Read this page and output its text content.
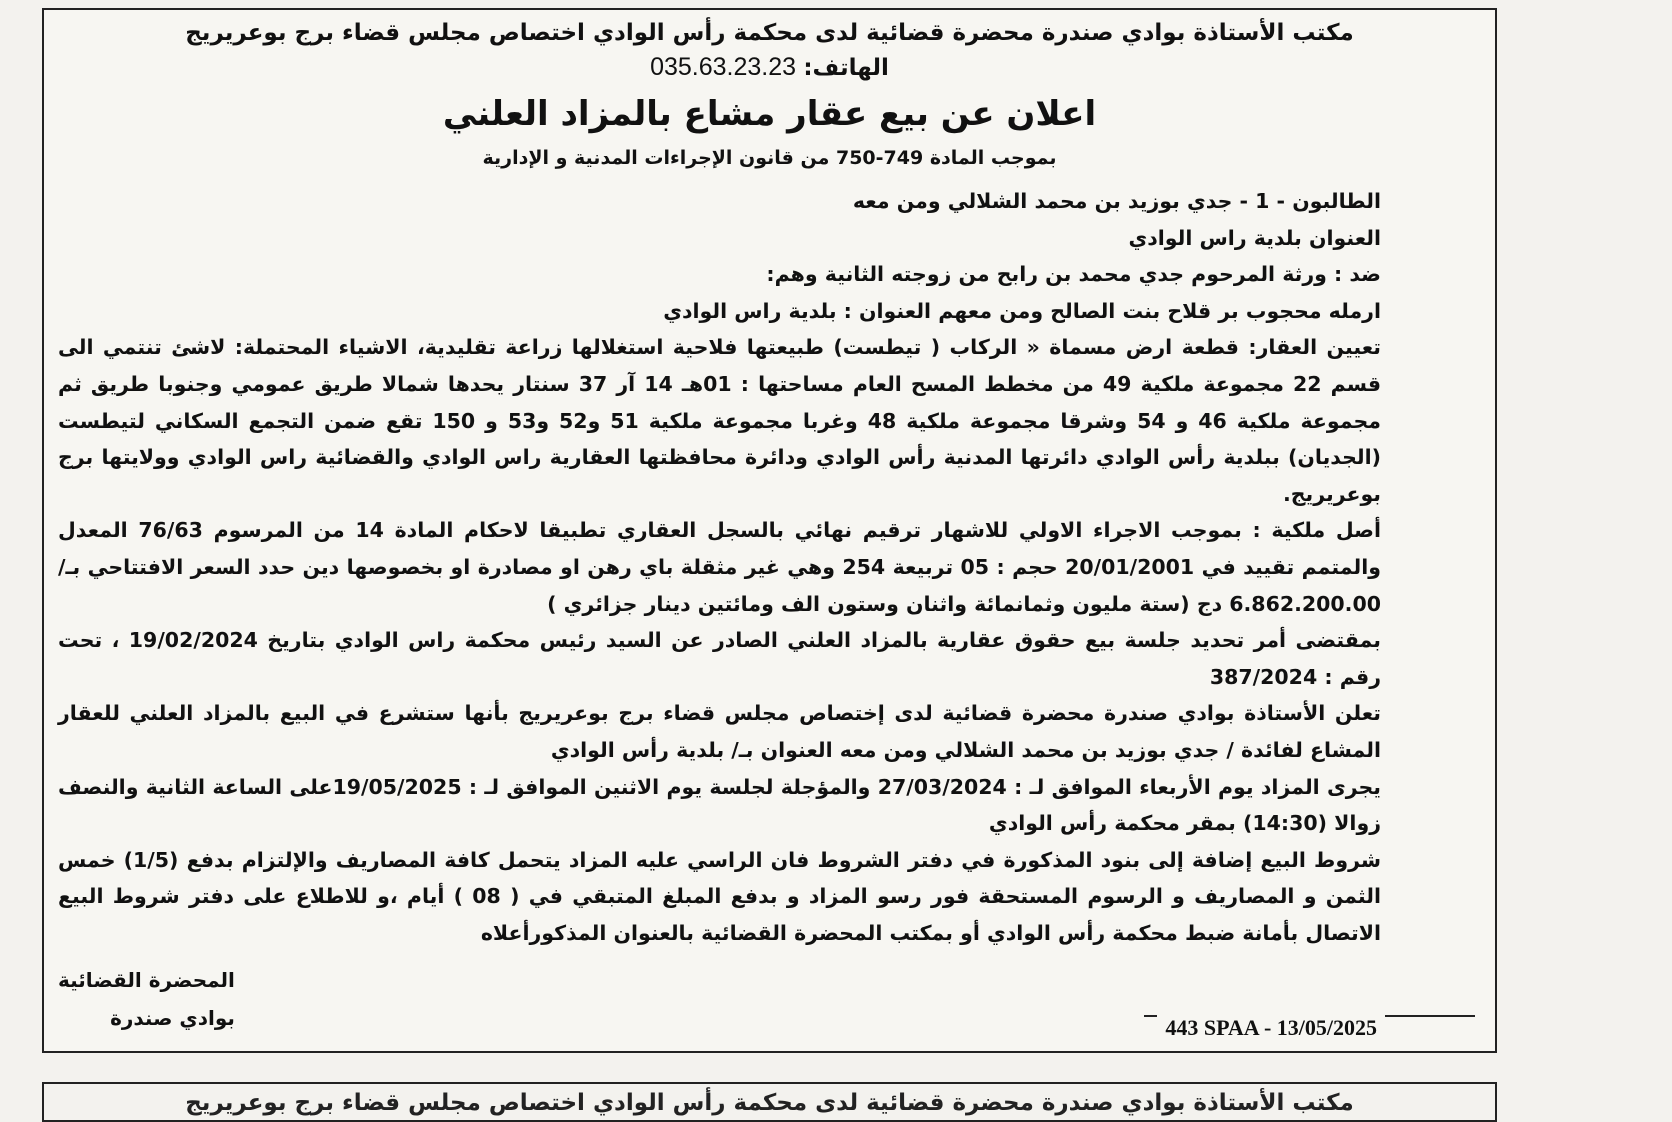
مكتب الأستاذة بوادي صندرة محضرة قضائية لدى محكمة رأس الوادي اختصاص مجلس قضاء برج بوعريريج
الهاتف: 035.63.23.23
اعلان عن بيع عقار مشاع بالمزاد العلني
بموجب المادة 749-750 من قانون الإجراءات المدنية و الإدارية
الطالبون - 1 - جدي بوزيد بن محمد الشلالي ومن معه
العنوان بلدية راس الوادي
ضد : ورثة المرحوم جدي محمد بن رابح من زوجته الثانية وهم:
ارمله محجوب بر قلاح بنت الصالح ومن معهم العنوان : بلدية راس الوادي
تعيين العقار: قطعة ارض مسماة « الركاب ( تيطست) طبيعتها فلاحية استغلالها زراعة تقليدية، الاشياء المحتملة: لاشئ تنتمي الى قسم 22 مجموعة ملكية 49 من مخطط المسح العام مساحتها : 01هـ 14 آر 37 سنتار يحدها شمالا طريق عمومي وجنوبا طريق ثم مجموعة ملكية 46 و 54 وشرقا مجموعة ملكية 48 وغربا مجموعة ملكية 51 و52 و53 و 150 تقع ضمن التجمع السكاني لتيطست (الجديان) ببلدية رأس الوادي دائرتها المدنية رأس الوادي ودائرة محافظتها العقارية راس الوادي والقضائية راس الوادي وولايتها برج بوعريريج.
أصل ملكية : بموجب الاجراء الاولي للاشهار ترقيم نهائي بالسجل العقاري تطبيقا لاحكام المادة 14 من المرسوم 76/63 المعدل والمتمم تقييد في 20/01/2001 حجم : 05 تربيعة 254 وهي غير مثقلة باي رهن او مصادرة او بخصوصها دين حدد السعر الافتتاحي بـ/ 6.862.200.00 دج (ستة مليون وثمانمائة واثنان وستون الف ومائتين دينار جزائري )
بمقتضى أمر تحديد جلسة بيع حقوق عقارية بالمزاد العلني الصادر عن السيد رئيس محكمة راس الوادي بتاريخ 19/02/2024 ، تحت رقم : 387/2024
تعلن الأستاذة بوادي صندرة محضرة قضائية لدى إختصاص مجلس قضاء برج بوعريريج بأنها ستشرع في البيع بالمزاد العلني للعقار المشاع لفائدة / جدي بوزيد بن محمد الشلالي ومن معه العنوان بـ/ بلدية رأس الوادي
يجرى المزاد يوم الأربعاء الموافق لـ : 27/03/2024 والمؤجلة لجلسة يوم الاثنين الموافق لـ : 19/05/2025على الساعة الثانية والنصف زوالا (14:30) بمقر محكمة رأس الوادي
شروط البيع إضافة إلى بنود المذكورة في دفتر الشروط فان الراسي عليه المزاد يتحمل كافة المصاريف والإلتزام بدفع (1/5) خمس الثمن و المصاريف و الرسوم المستحقة فور رسو المزاد و بدفع المبلغ المتبقي في ( 08 ) أيام ،و للاطلاع على دفتر شروط البيع الاتصال بأمانة ضبط محكمة رأس الوادي أو بمكتب المحضرة القضائية بالعنوان المذكورأعلاه
المحضرة القضائية
بوادي صندرة	443 SPAA - 13/05/2025
مكتب الأستاذة بوادي صندرة محضرة قضائية لدى محكمة رأس الوادي اختصاص مجلس قضاء برج بوعريريج
